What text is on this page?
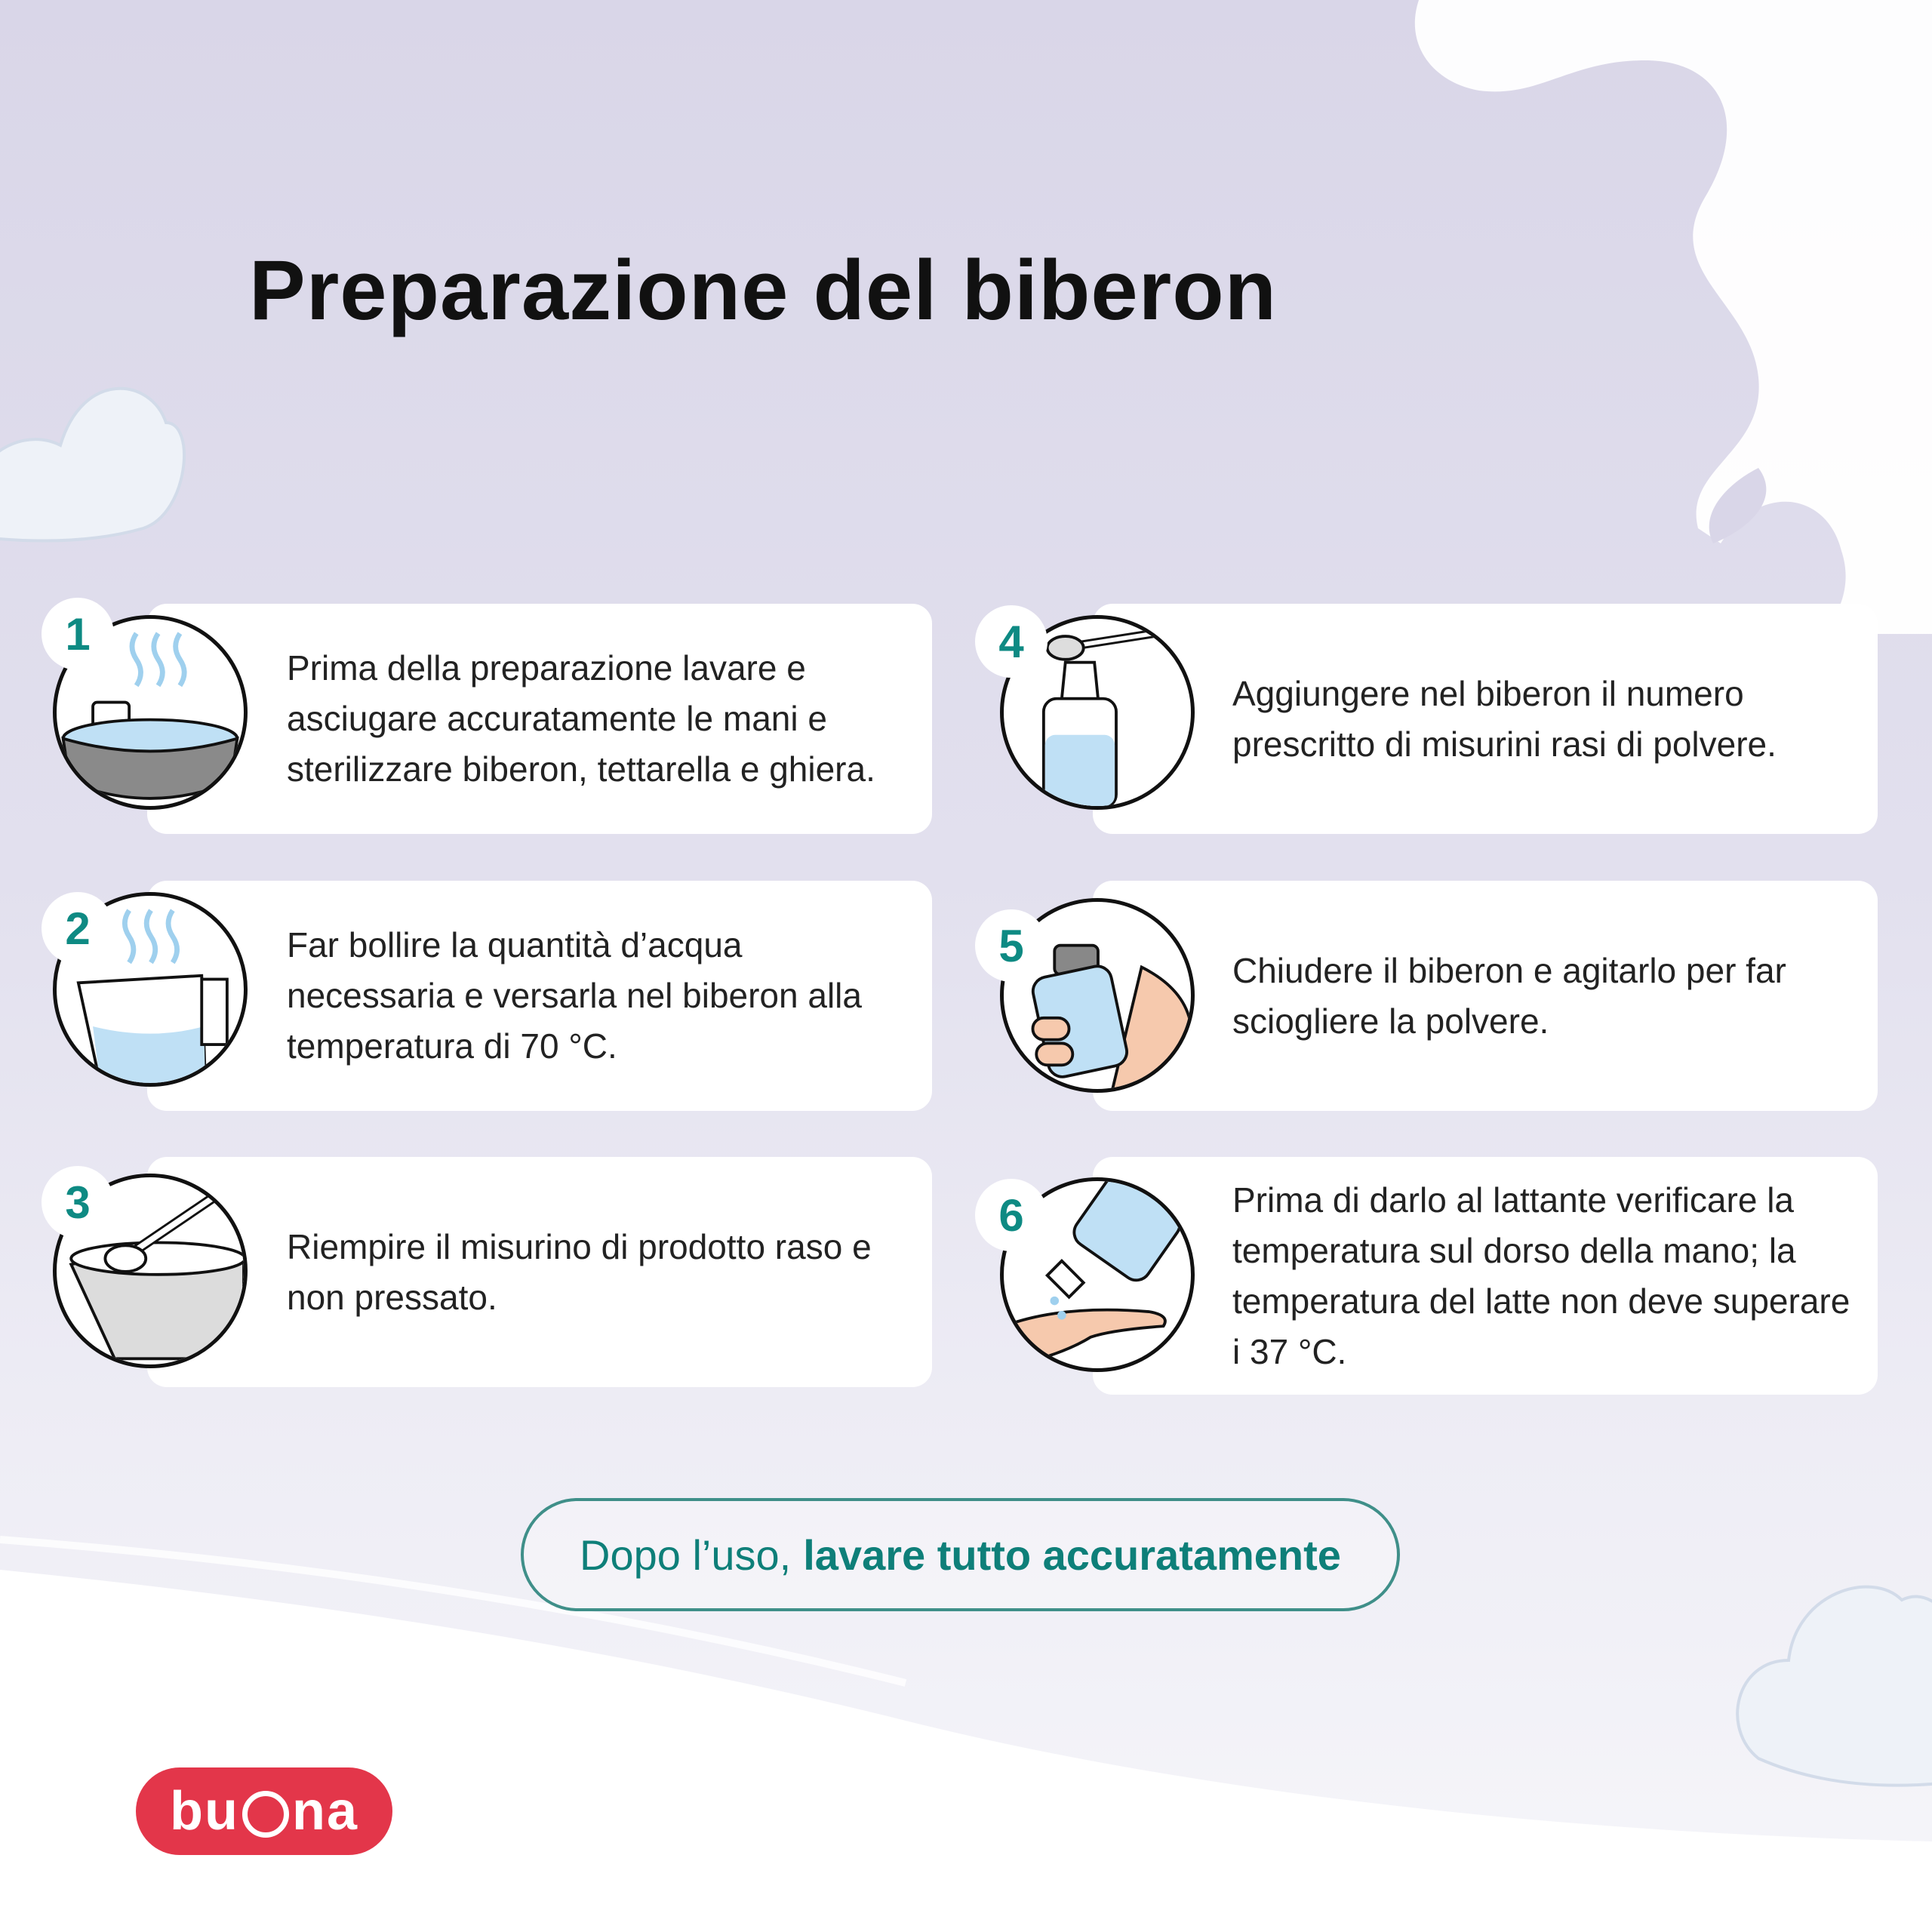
Preparazione del biberon
Prima della preparazione lavare e asciugare accuratamente le mani e sterilizzare biberon, tettarella e ghiera.
1
Far bollire la quantità d’acqua necessaria e versarla nel biberon alla temperatura di 70 °C.
2
Riempire il misurino di prodotto raso e non pressato.
3
Aggiungere nel biberon il numero prescritto di misurini rasi di polvere.
4
Chiudere il biberon e agitarlo per far sciogliere la polvere.
5
Prima di darlo al lattante verificare la temperatura sul dorso della mano; la temperatura del latte non deve superare i 37 °C.
6
Dopo l’uso, lavare tutto accuratamente
bu na
